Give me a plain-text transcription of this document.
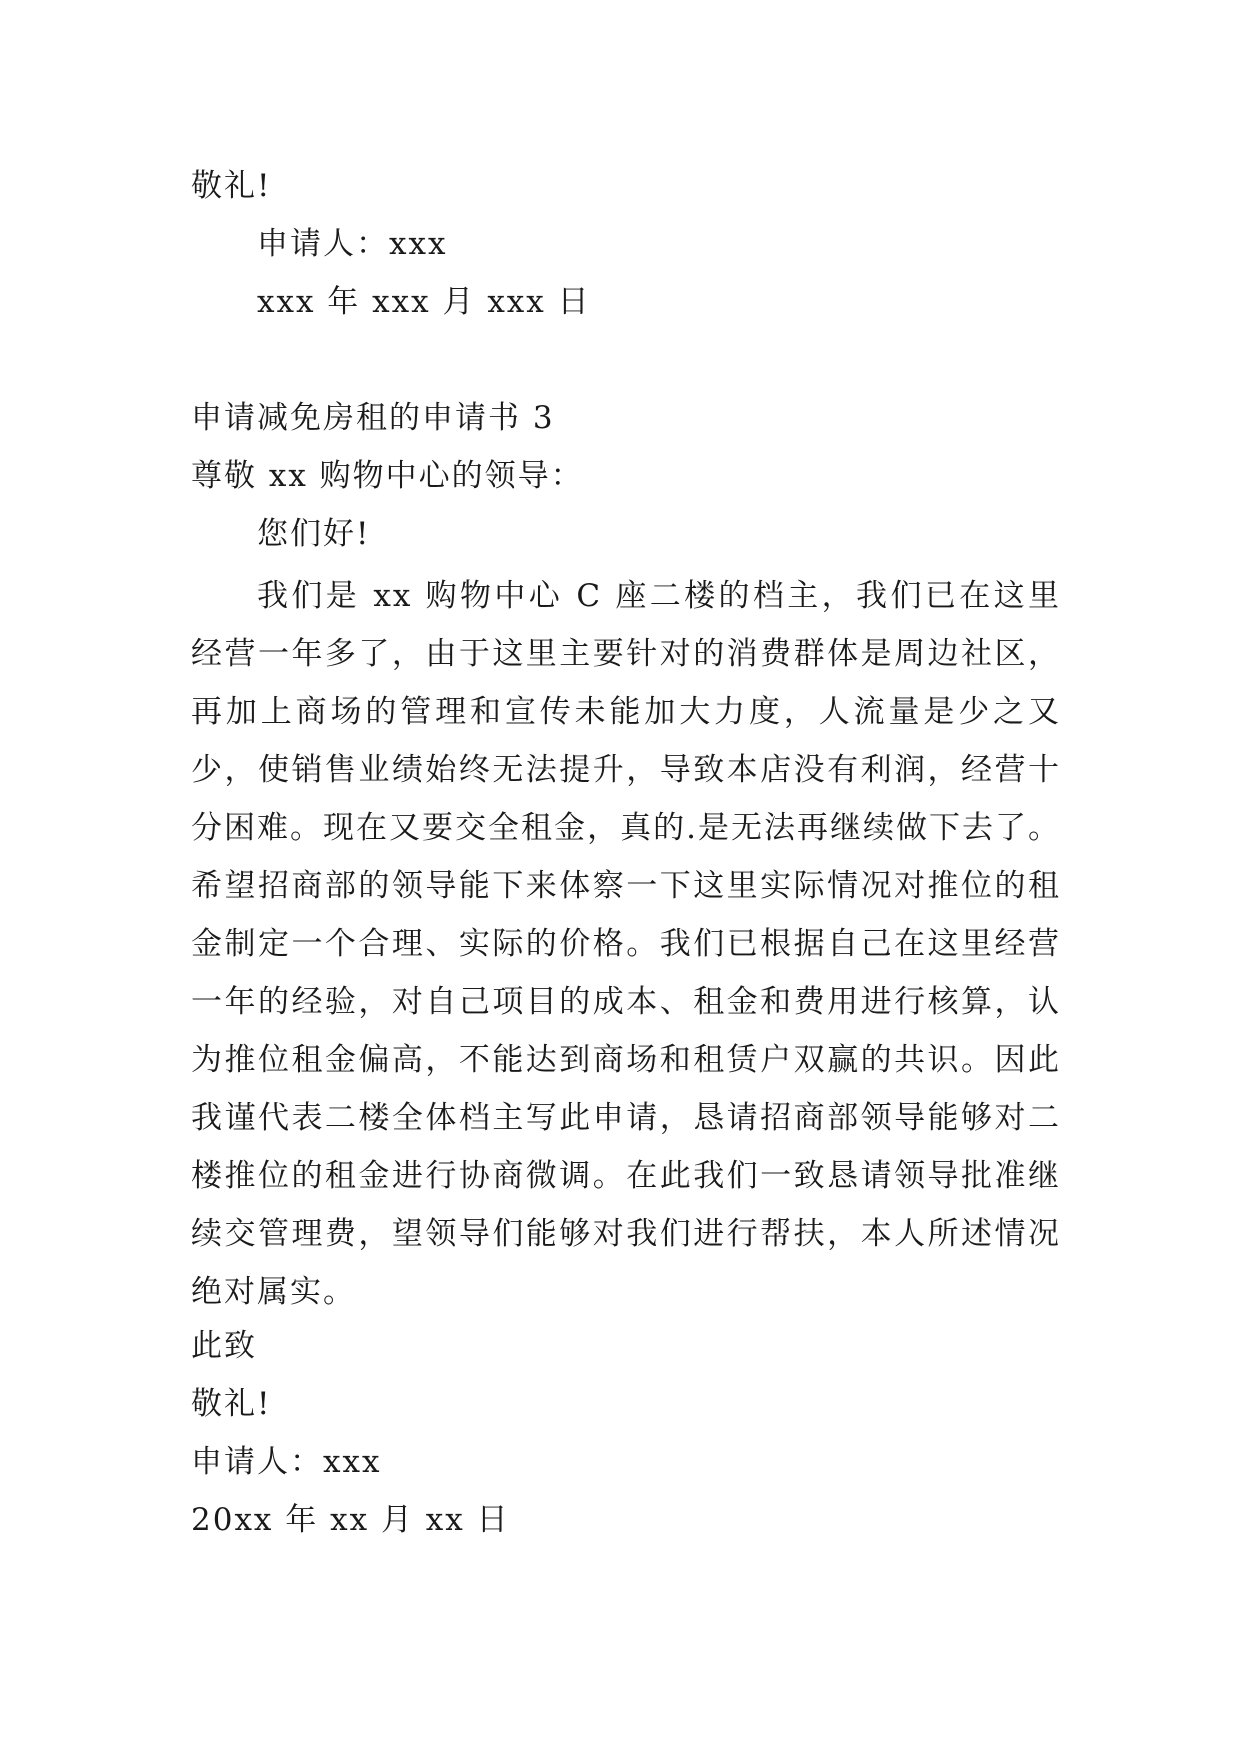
敬礼!
申请人：xxx
xxx 年 xxx 月 xxx 日
申请减免房租的申请书 3
尊敬 xx 购物中心的领导：
您们好!

我们是 xx 购物中心 C 座二楼的档主，我们已在这里经营一年多了，由于这里主要针对的消费群体是周边社区，再加上商场的管理和宣传未能加大力度，人流量是少之又少，使销售业绩始终无法提升，导致本店没有利润，经营十分困难。现在又要交全租金，真的.是无法再继续做下去了。希望招商部的领导能下来体察一下这里实际情况对推位的租金制定一个合理、实际的价格。我们已根据自己在这里经营一年的经验，对自己项目的成本、租金和费用进行核算，认为推位租金偏高，不能达到商场和租赁户双赢的共识。因此我谨代表二楼全体档主写此申请，恳请招商部领导能够对二楼推位的租金进行协商微调。在此我们一致恳请领导批准继续交管理费，望领导们能够对我们进行帮扶，本人所述情况绝对属实。

此致
敬礼!
申请人：xxx
20xx 年 xx 月 xx 日
